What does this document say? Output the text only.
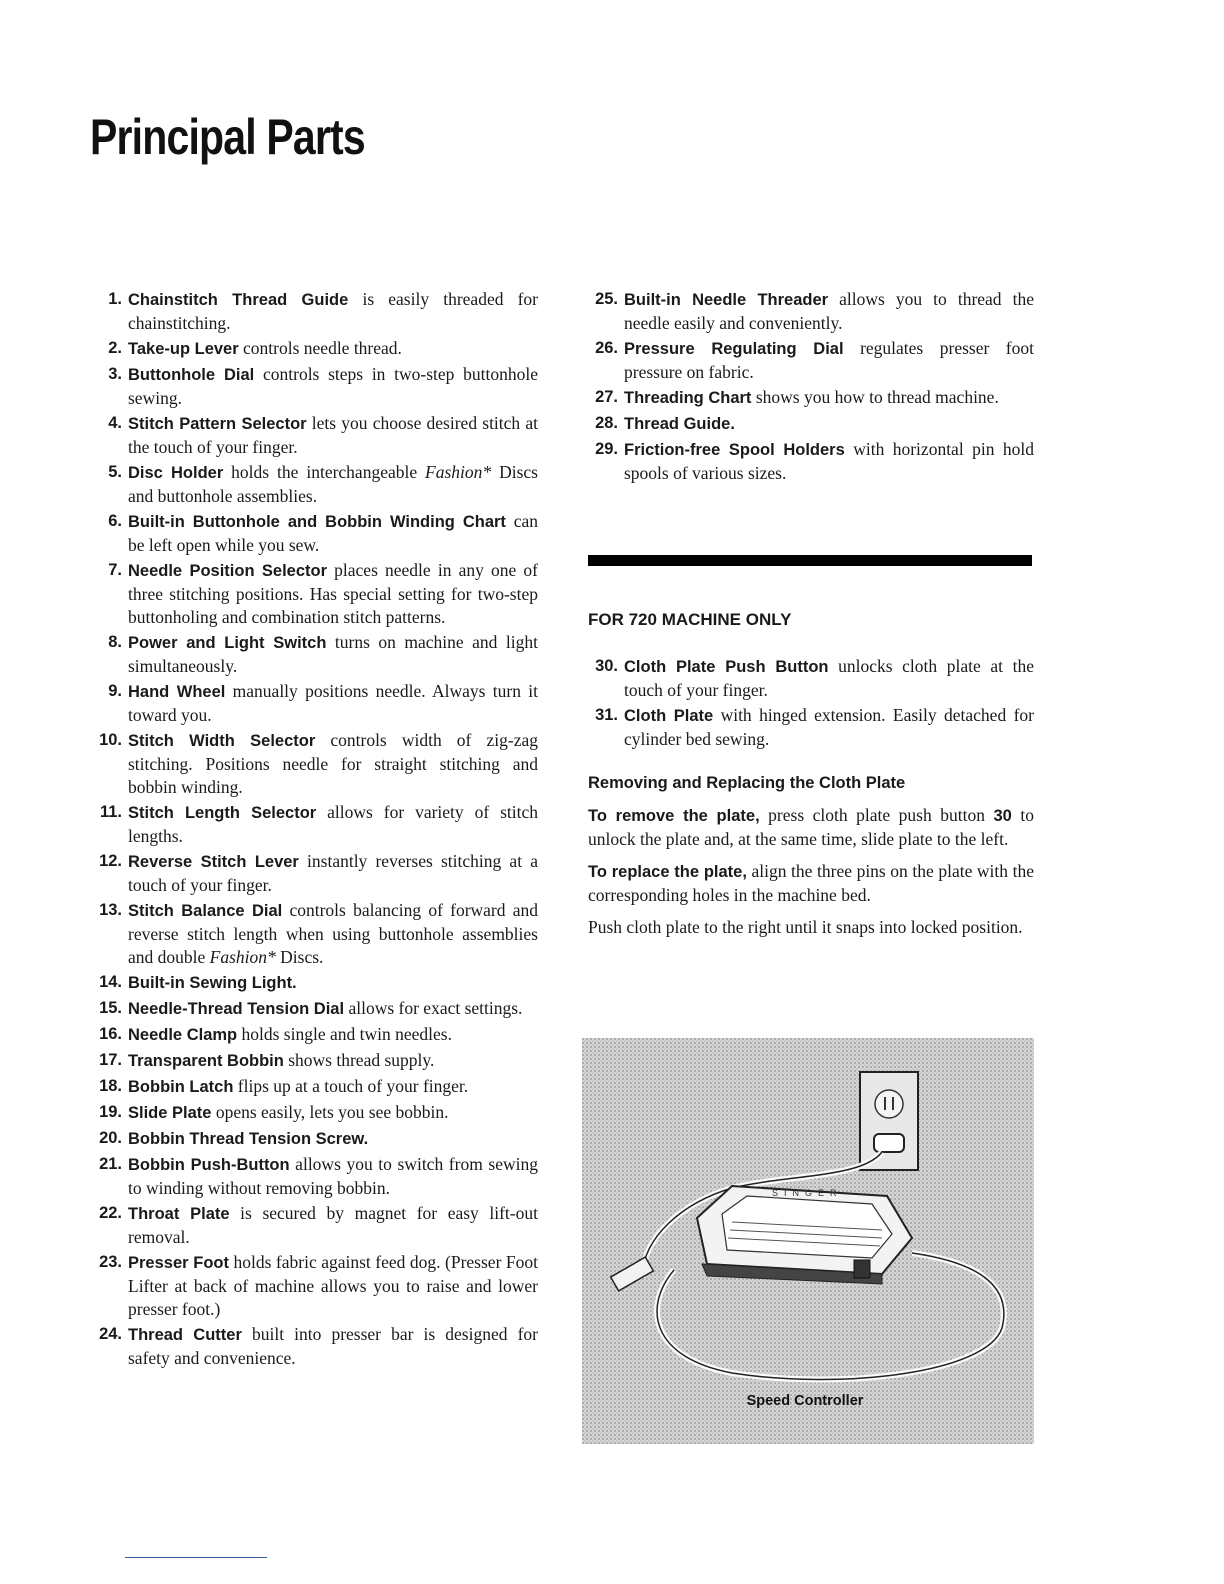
Principal Parts
1. Chainstitch Thread Guide is easily threaded for chainstitching.
2. Take-up Lever controls needle thread.
3. Buttonhole Dial controls steps in two-step buttonhole sewing.
4. Stitch Pattern Selector lets you choose desired stitch at the touch of your finger.
5. Disc Holder holds the interchangeable Fashion* Discs and buttonhole assemblies.
6. Built-in Buttonhole and Bobbin Winding Chart can be left open while you sew.
7. Needle Position Selector places needle in any one of three stitching positions. Has special setting for two-step buttonholing and combination stitch patterns.
8. Power and Light Switch turns on machine and light simultaneously.
9. Hand Wheel manually positions needle. Always turn it toward you.
10. Stitch Width Selector controls width of zig-zag stitching. Positions needle for straight stitching and bobbin winding.
11. Stitch Length Selector allows for variety of stitch lengths.
12. Reverse Stitch Lever instantly reverses stitching at a touch of your finger.
13. Stitch Balance Dial controls balancing of forward and reverse stitch length when using buttonhole assemblies and double Fashion* Discs.
14. Built-in Sewing Light.
15. Needle-Thread Tension Dial allows for exact settings.
16. Needle Clamp holds single and twin needles.
17. Transparent Bobbin shows thread supply.
18. Bobbin Latch flips up at a touch of your finger.
19. Slide Plate opens easily, lets you see bobbin.
20. Bobbin Thread Tension Screw.
21. Bobbin Push-Button allows you to switch from sewing to winding without removing bobbin.
22. Throat Plate is secured by magnet for easy lift-out removal.
23. Presser Foot holds fabric against feed dog. (Presser Foot Lifter at back of machine allows you to raise and lower presser foot.)
24. Thread Cutter built into presser bar is designed for safety and convenience.
25. Built-in Needle Threader allows you to thread the needle easily and conveniently.
26. Pressure Regulating Dial regulates presser foot pressure on fabric.
27. Threading Chart shows you how to thread machine.
28. Thread Guide.
29. Friction-free Spool Holders with horizontal pin hold spools of various sizes.
FOR 720 MACHINE ONLY
30. Cloth Plate Push Button unlocks cloth plate at the touch of your finger.
31. Cloth Plate with hinged extension. Easily detached for cylinder bed sewing.
Removing and Replacing the Cloth Plate

To remove the plate, press cloth plate push button 30 to unlock the plate and, at the same time, slide plate to the left.

To replace the plate, align the three pins on the plate with the corresponding holes in the machine bed.

Push cloth plate to the right until it snaps into locked position.

SINGER
Speed Controller
